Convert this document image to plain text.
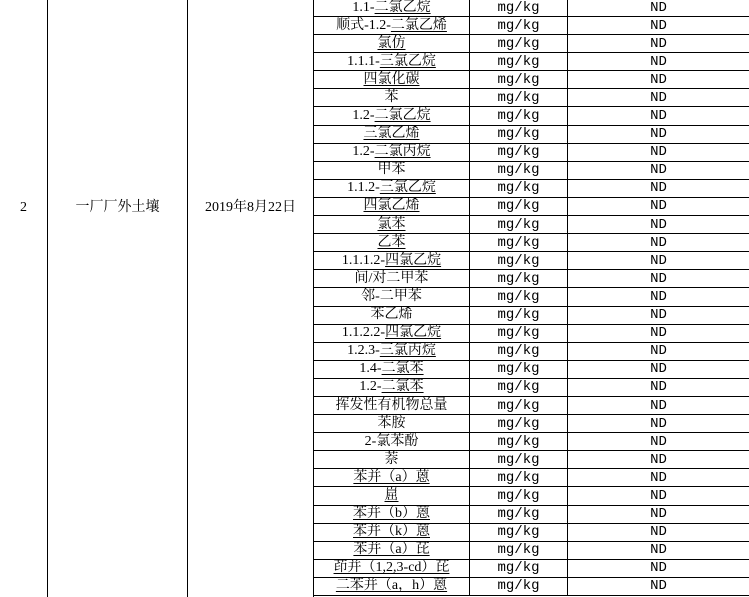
2	一厂厂外土壤	2019年8月22日
1.1- 二氯乙烷	mg/kg	ND
顺式-1.2- 二氯乙烯	mg/kg	ND
氯仿	mg/kg	ND
1.1.1- 三氯乙烷	mg/kg	ND
四氯化碳	mg/kg	ND
苯	mg/kg	ND
1.2- 二氯乙烷	mg/kg	ND
三氯乙烯	mg/kg	ND
1.2- 二氯丙烷	mg/kg	ND
甲苯	mg/kg	ND
1.1.2- 三氯乙烷	mg/kg	ND
四氯乙烯	mg/kg	ND
氯苯	mg/kg	ND
乙苯	mg/kg	ND
1.1.1.2- 四氯乙烷	mg/kg	ND
间/对二甲苯	mg/kg	ND
邻-二甲苯	mg/kg	ND
苯乙烯	mg/kg	ND
1.1.2.2- 四氯乙烷	mg/kg	ND
1.2.3- 三氯丙烷	mg/kg	ND
1.4- 二氯苯	mg/kg	ND
1.2- 二氯苯	mg/kg	ND
挥发性有机物总量	mg/kg	ND
苯胺	mg/kg	ND
2-氯苯酚	mg/kg	ND
萘	mg/kg	ND
苯并（a）蒽	mg/kg	ND
崫	mg/kg	ND
苯并（b）蒽	mg/kg	ND
苯并（k）蒽	mg/kg	ND
苯并（a）芘	mg/kg	ND
茚并（1,2,3-cd）芘	mg/kg	ND
二苯并（a，h）蒽	mg/kg	ND
